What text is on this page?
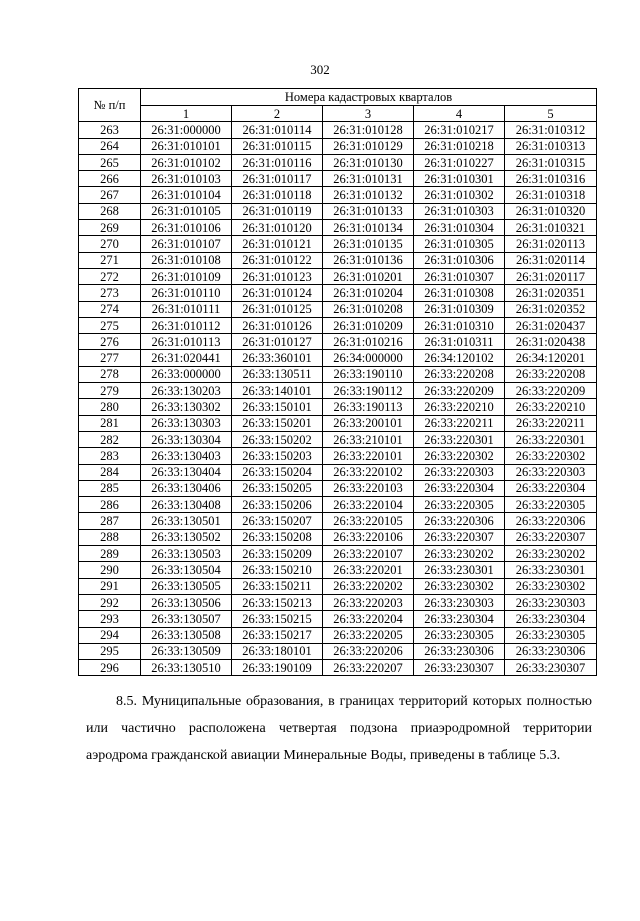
302
№ п/п	Номера кадастровых кварталов				
	1	2	3	4	5
263	26:31:000000	26:31:010114	26:31:010128	26:31:010217	26:31:010312
264	26:31:010101	26:31:010115	26:31:010129	26:31:010218	26:31:010313
265	26:31:010102	26:31:010116	26:31:010130	26:31:010227	26:31:010315
266	26:31:010103	26:31:010117	26:31:010131	26:31:010301	26:31:010316
267	26:31:010104	26:31:010118	26:31:010132	26:31:010302	26:31:010318
268	26:31:010105	26:31:010119	26:31:010133	26:31:010303	26:31:010320
269	26:31:010106	26:31:010120	26:31:010134	26:31:010304	26:31:010321
270	26:31:010107	26:31:010121	26:31:010135	26:31:010305	26:31:020113
271	26:31:010108	26:31:010122	26:31:010136	26:31:010306	26:31:020114
272	26:31:010109	26:31:010123	26:31:010201	26:31:010307	26:31:020117
273	26:31:010110	26:31:010124	26:31:010204	26:31:010308	26:31:020351
274	26:31:010111	26:31:010125	26:31:010208	26:31:010309	26:31:020352
275	26:31:010112	26:31:010126	26:31:010209	26:31:010310	26:31:020437
276	26:31:010113	26:31:010127	26:31:010216	26:31:010311	26:31:020438
277	26:31:020441	26:33:360101	26:34:000000	26:34:120102	26:34:120201
278	26:33:000000	26:33:130511	26:33:190110	26:33:220208	26:33:220208
279	26:33:130203	26:33:140101	26:33:190112	26:33:220209	26:33:220209
280	26:33:130302	26:33:150101	26:33:190113	26:33:220210	26:33:220210
281	26:33:130303	26:33:150201	26:33:200101	26:33:220211	26:33:220211
282	26:33:130304	26:33:150202	26:33:210101	26:33:220301	26:33:220301
283	26:33:130403	26:33:150203	26:33:220101	26:33:220302	26:33:220302
284	26:33:130404	26:33:150204	26:33:220102	26:33:220303	26:33:220303
285	26:33:130406	26:33:150205	26:33:220103	26:33:220304	26:33:220304
286	26:33:130408	26:33:150206	26:33:220104	26:33:220305	26:33:220305
287	26:33:130501	26:33:150207	26:33:220105	26:33:220306	26:33:220306
288	26:33:130502	26:33:150208	26:33:220106	26:33:220307	26:33:220307
289	26:33:130503	26:33:150209	26:33:220107	26:33:230202	26:33:230202
290	26:33:130504	26:33:150210	26:33:220201	26:33:230301	26:33:230301
291	26:33:130505	26:33:150211	26:33:220202	26:33:230302	26:33:230302
292	26:33:130506	26:33:150213	26:33:220203	26:33:230303	26:33:230303
293	26:33:130507	26:33:150215	26:33:220204	26:33:230304	26:33:230304
294	26:33:130508	26:33:150217	26:33:220205	26:33:230305	26:33:230305
295	26:33:130509	26:33:180101	26:33:220206	26:33:230306	26:33:230306
296	26:33:130510	26:33:190109	26:33:220207	26:33:230307	26:33:230307
8.5. Муниципальные образования, в границах территорий которых полностью или частично расположена четвертая подзона приаэродромной территории аэродрома гражданской авиации Минеральные Воды, приведены в таблице 5.3.
